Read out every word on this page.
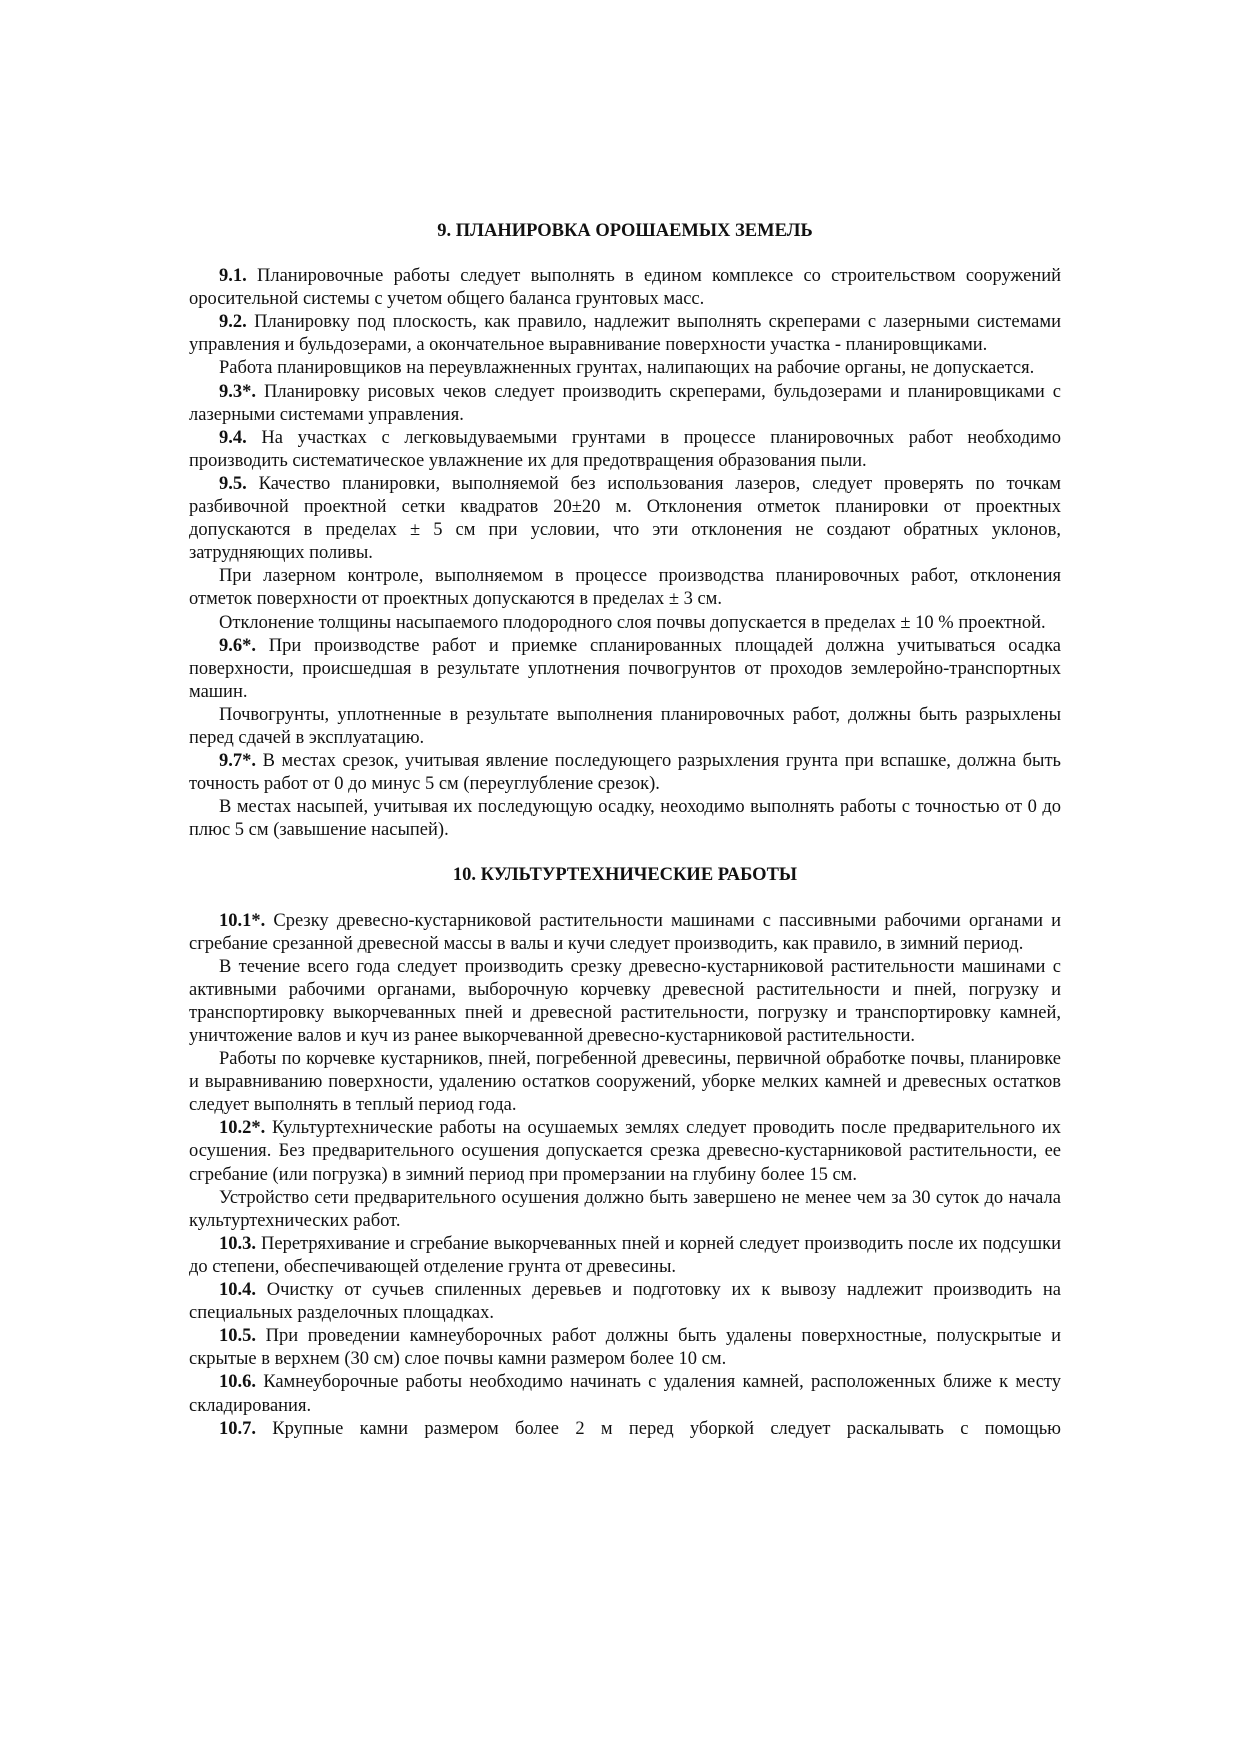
9. ПЛАНИРОВКА ОРОШАЕМЫХ ЗЕМЕЛЬ

9.1. Планировочные работы следует выполнять в едином комплексе со строительством сооружений оросительной системы с учетом общего баланса грунтовых масс.

9.2. Планировку под плоскость, как правило, надлежит выполнять скреперами с лазерными системами управления и бульдозерами, а окончательное выравнивание поверхности участка - планировщиками.

Работа планировщиков на переувлажненных грунтах, налипающих на рабочие органы, не допускается.

9.3*. Планировку рисовых чеков следует производить скреперами, бульдозерами и планировщиками с лазерными системами управления.

9.4. На участках с легковыдуваемыми грунтами в процессе планировочных работ необходимо производить систематическое увлажнение их для предотвращения образования пыли.

9.5. Качество планировки, выполняемой без использования лазеров, следует проверять по точкам разбивочной проектной сетки квадратов 20±20 м. Отклонения отметок планировки от проектных допускаются в пределах ± 5 см при условии, что эти отклонения не создают обратных уклонов, затрудняющих поливы.

При лазерном контроле, выполняемом в процессе производства планировочных работ, отклонения отметок поверхности от проектных допускаются в пределах ± 3 см.

Отклонение толщины насыпаемого плодородного слоя почвы допускается в пределах ± 10 % проектной.

9.6*. При производстве работ и приемке спланированных площадей должна учитываться осадка поверхности, происшедшая в результате уплотнения почвогрунтов от проходов землеройно-транспортных машин.

Почвогрунты, уплотненные в результате выполнения планировочных работ, должны быть разрыхлены перед сдачей в эксплуатацию.

9.7*. В местах срезок, учитывая явление последующего разрыхления грунта при вспашке, должна быть точность работ от 0 до минус 5 см (переуглубление срезок).

В местах насыпей, учитывая их последующую осадку, неоходимо выполнять работы с точностью от 0 до плюс 5 см (завышение насыпей).

10. КУЛЬТУРТЕХНИЧЕСКИЕ РАБОТЫ

10.1*. Срезку древесно-кустарниковой растительности машинами с пассивными рабочими органами и сгребание срезанной древесной массы в валы и кучи следует производить, как правило, в зимний период.

В течение всего года следует производить срезку древесно-кустарниковой растительности машинами с активными рабочими органами, выборочную корчевку древесной растительности и пней, погрузку и транспортировку выкорчеванных пней и древесной растительности, погрузку и транспортировку камней, уничтожение валов и куч из ранее выкорчеванной древесно-кустарниковой растительности.

Работы по корчевке кустарников, пней, погребенной древесины, первичной обработке почвы, планировке и выравниванию поверхности, удалению остатков сооружений, уборке мелких камней и древесных остатков следует выполнять в теплый период года.

10.2*. Культуртехнические работы на осушаемых землях следует проводить после предварительного их осушения. Без предварительного осушения допускается срезка древесно-кустарниковой растительности, ее сгребание (или погрузка) в зимний период при промерзании на глубину более 15 см.

Устройство сети предварительного осушения должно быть завершено не менее чем за 30 суток до начала культуртехнических работ.

10.3. Перетряхивание и сгребание выкорчеванных пней и корней следует производить после их подсушки до степени, обеспечивающей отделение грунта от древесины.

10.4. Очистку от сучьев спиленных деревьев и подготовку их к вывозу надлежит производить на специальных разделочных площадках.

10.5. При проведении камнеуборочных работ должны быть удалены поверхностные, полускрытые и скрытые в верхнем (30 см) слое почвы камни размером более 10 см.

10.6. Камнеуборочные работы необходимо начинать с удаления камней, расположенных ближе к месту складирования.

10.7. Крупные камни размером более 2 м перед уборкой следует раскалывать с помощью
